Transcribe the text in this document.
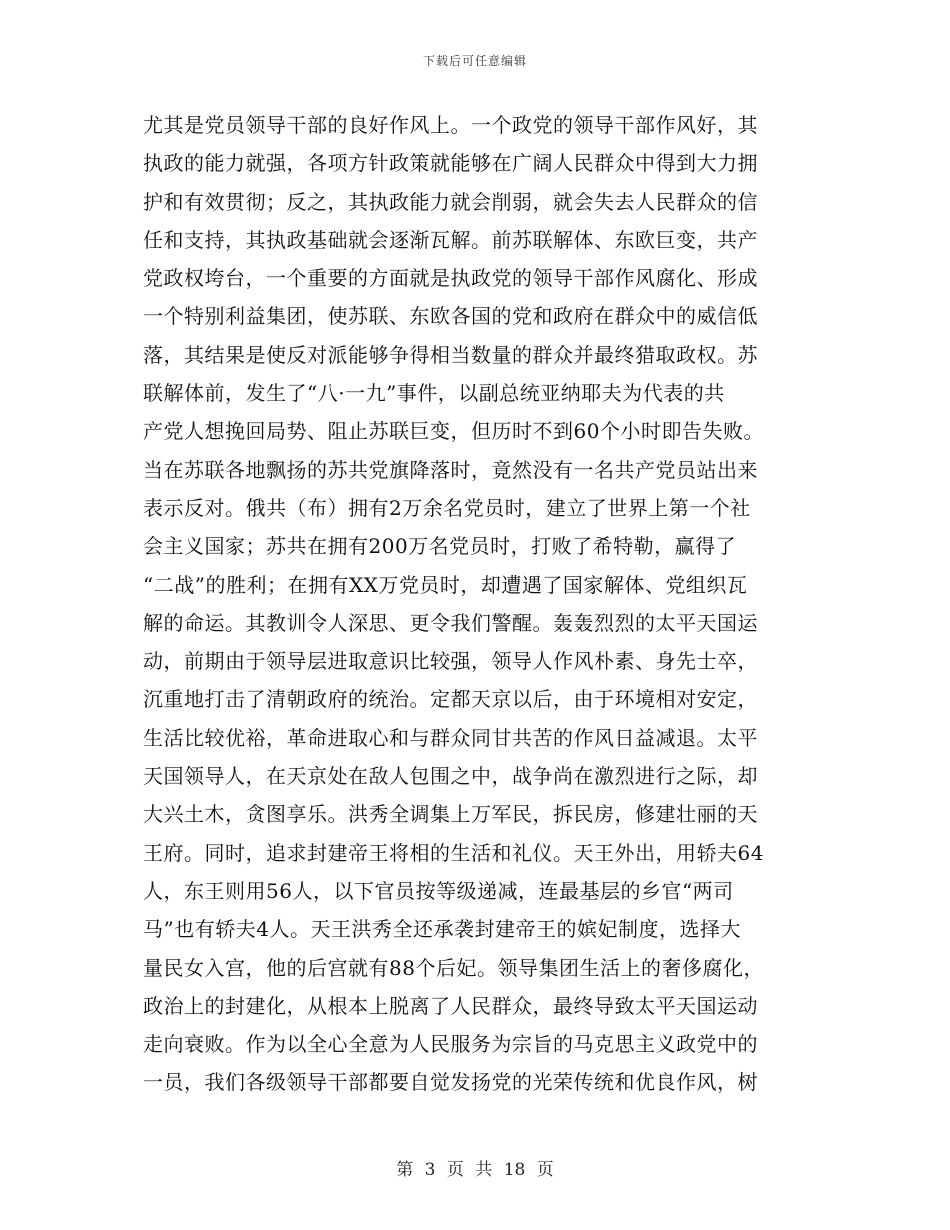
下载后可任意编辑
尤其是党员领导干部的良好作风上。一个政党的领导干部作风好，其
执政的能力就强，各项方针政策就能够在广阔人民群众中得到大力拥
护和有效贯彻；反之，其执政能力就会削弱，就会失去人民群众的信
任和支持，其执政基础就会逐渐瓦解。前苏联解体、东欧巨变，共产
党政权垮台，一个重要的方面就是执政党的领导干部作风腐化、形成
一个特别利益集团，使苏联、东欧各国的党和政府在群众中的威信低
落，其结果是使反对派能够争得相当数量的群众并最终猎取政权。苏
联解体前，发生了“八·一九”事件，以副总统亚纳耶夫为代表的共
产党人想挽回局势、阻止苏联巨变，但历时不到60个小时即告失败。
当在苏联各地飘扬的苏共党旗降落时，竟然没有一名共产党员站出来
表示反对。俄共（布）拥有2万余名党员时，建立了世界上第一个社
会主义国家；苏共在拥有200万名党员时，打败了希特勒，赢得了
“二战”的胜利；在拥有XX万党员时，却遭遇了国家解体、党组织瓦
解的命运。其教训令人深思、更令我们警醒。轰轰烈烈的太平天国运
动，前期由于领导层进取意识比较强，领导人作风朴素、身先士卒，
沉重地打击了清朝政府的统治。定都天京以后，由于环境相对安定，
生活比较优裕，革命进取心和与群众同甘共苦的作风日益减退。太平
天国领导人，在天京处在敌人包围之中，战争尚在激烈进行之际，却
大兴土木，贪图享乐。洪秀全调集上万军民，拆民房，修建壮丽的天
王府。同时，追求封建帝王将相的生活和礼仪。天王外出，用轿夫64
人，东王则用56人，以下官员按等级递减，连最基层的乡官“两司
马”也有轿夫4人。天王洪秀全还承袭封建帝王的嫔妃制度，选择大
量民女入宫，他的后宫就有88个后妃。领导集团生活上的奢侈腐化，
政治上的封建化，从根本上脱离了人民群众，最终导致太平天国运动
走向衰败。作为以全心全意为人民服务为宗旨的马克思主义政党中的
一员，我们各级领导干部都要自觉发扬党的光荣传统和优良作风，树
第 3 页 共 18 页
